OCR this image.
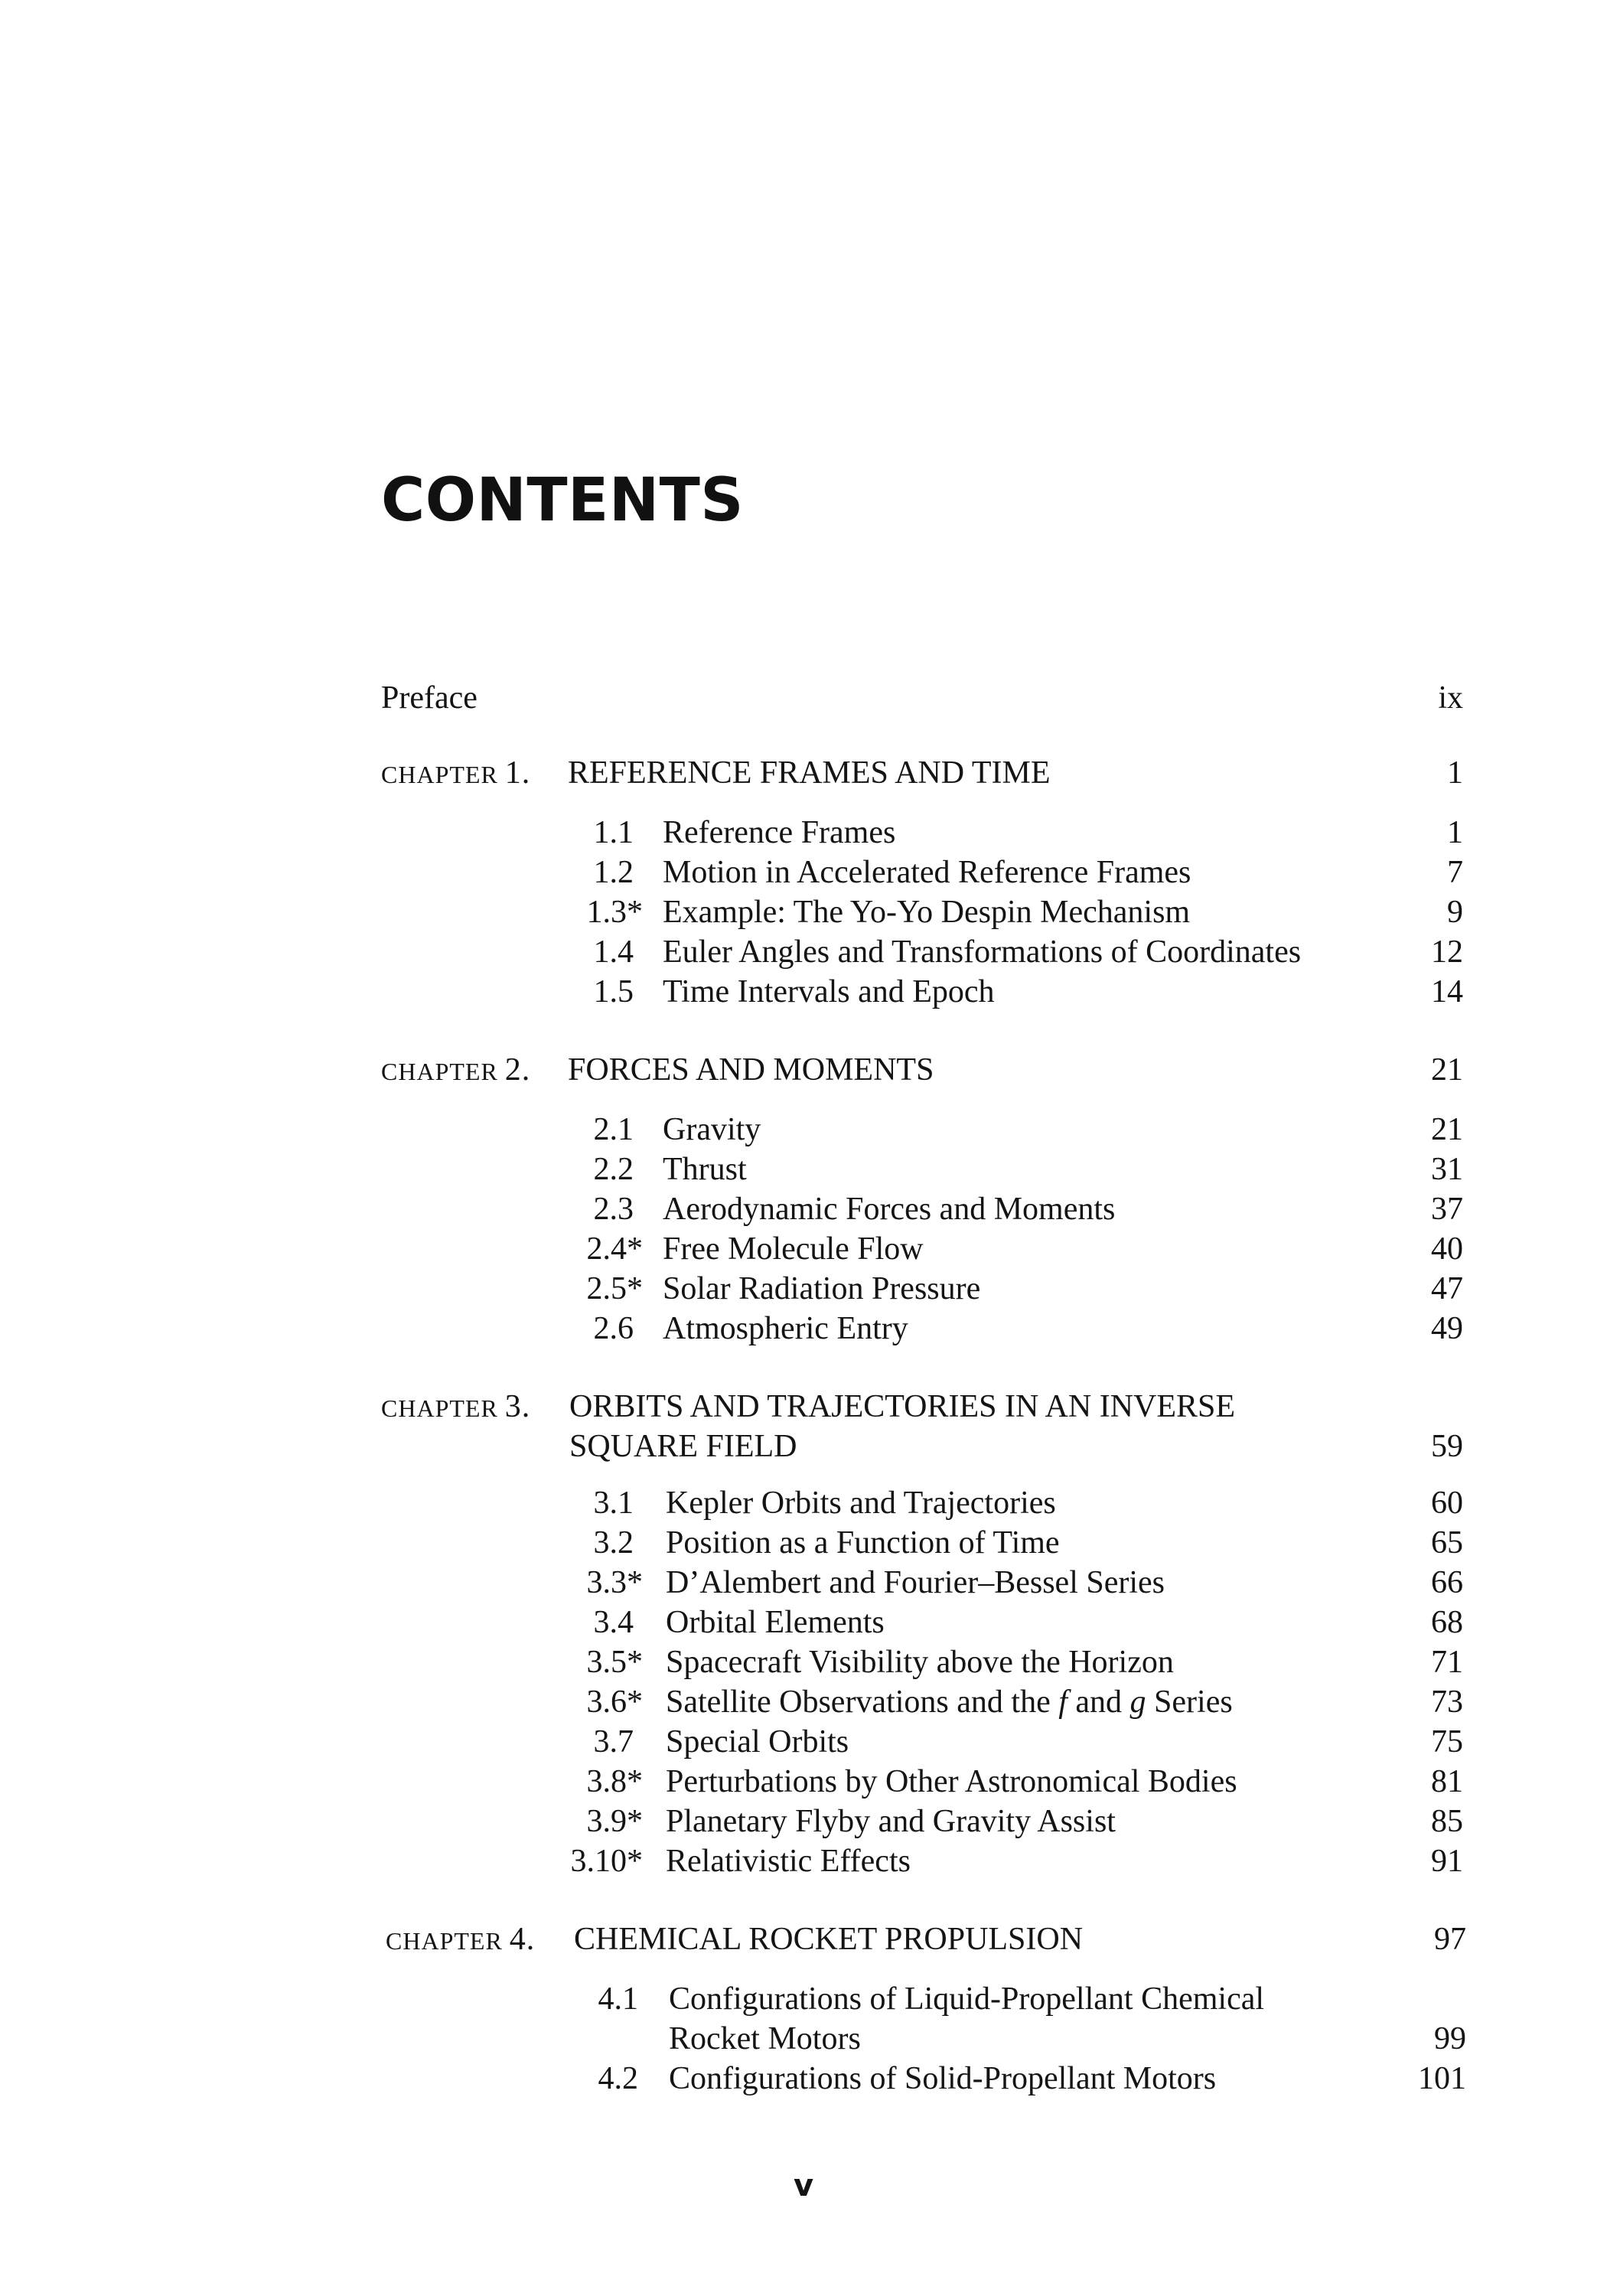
CONTENTS
Preface	ix
CHAPTER 1. REFERENCE FRAMES AND TIME	1
1.1 Reference Frames	1
1.2 Motion in Accelerated Reference Frames	7
1.3* Example: The Yo-Yo Despin Mechanism	9
1.4 Euler Angles and Transformations of Coordinates	12
1.5 Time Intervals and Epoch	14
CHAPTER 2. FORCES AND MOMENTS	21
2.1 Gravity	21
2.2 Thrust	31
2.3 Aerodynamic Forces and Moments	37
2.4* Free Molecule Flow	40
2.5* Solar Radiation Pressure	47
2.6 Atmospheric Entry	49
CHAPTER 3. ORBITS AND TRAJECTORIES IN AN INVERSE
SQUARE FIELD	59
3.1 Kepler Orbits and Trajectories	60
3.2 Position as a Function of Time	65
3.3* D’Alembert and Fourier–Bessel Series	66
3.4 Orbital Elements	68
3.5* Spacecraft Visibility above the Horizon	71
3.6* Satellite Observations and the f and g Series	73
3.7 Special Orbits	75
3.8* Perturbations by Other Astronomical Bodies	81
3.9* Planetary Flyby and Gravity Assist	85
3.10* Relativistic Effects	91
CHAPTER 4. CHEMICAL ROCKET PROPULSION	97
4.1 Configurations of Liquid-Propellant Chemical
Rocket Motors	99
4.2 Configurations of Solid-Propellant Motors	101
v
